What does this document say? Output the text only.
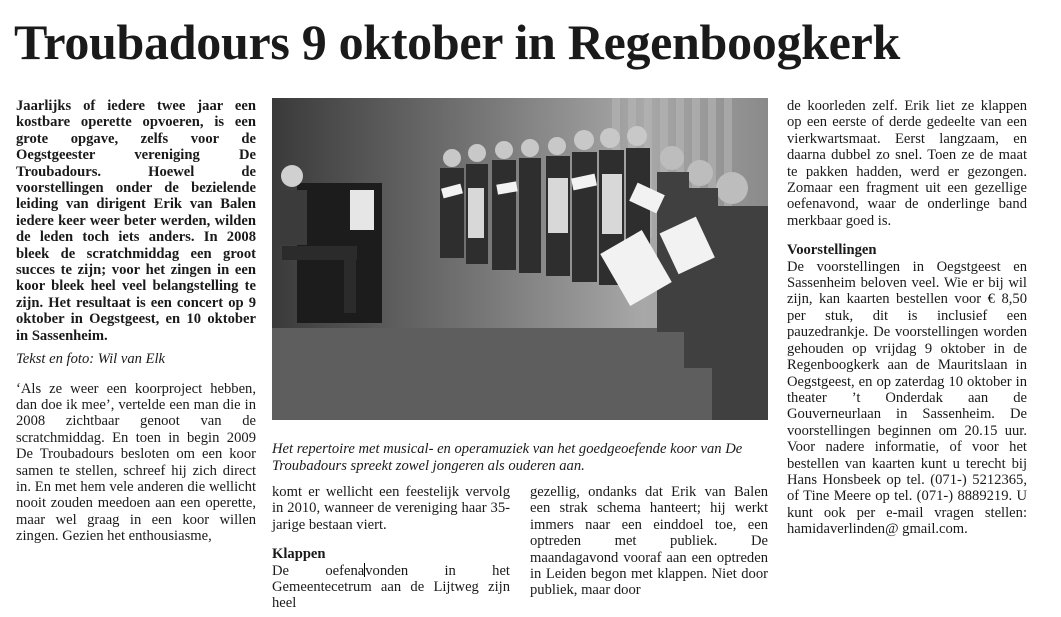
Troubadours 9 oktober in Regenboogkerk

Jaarlijks of iedere twee jaar een kostbare operette opvoeren, is een grote opgave, zelfs voor de Oegstgeester vereniging De Troubadours. Hoewel de voorstellingen onder de bezielende leiding van dirigent Erik van Balen iedere keer weer beter werden, wilden de leden toch iets anders. In 2008 bleek de scratchmiddag een groot succes te zijn; voor het zingen in een koor bleek heel veel belangstelling te zijn. Het resultaat is een concert op 9 oktober in Oegstgeest, en 10 oktober in Sassenheim.

Tekst en foto: Wil van Elk

‘Als ze weer een koorproject hebben, dan doe ik mee’, vertelde een man die in 2008 zichtbaar genoot van de scratchmiddag. En toen in begin 2009 De Troubadours besloten om een koor samen te stellen, schreef hij zich direct in. En met hem vele anderen die wellicht nooit zouden meedoen aan een operette, maar wel graag in een koor willen zingen. Gezien het enthousiasme,

Het repertoire met musical- en operamuziek van het goedgeoefende koor van De Troubadours spreekt zowel jongeren als ouderen aan.

komt er wellicht een feestelijk vervolg in 2010, wanneer de vereniging haar 35-jarige bestaan viert.

Klappen

De oefenavonden in het Gemeentecetrum aan de Lijtweg zijn heel

gezellig, ondanks dat Erik van Balen een strak schema hanteert; hij werkt immers naar een einddoel toe, een optreden met publiek. De maandagavond vooraf aan een optreden in Leiden begon met klappen. Niet door publiek, maar door

de koorleden zelf. Erik liet ze klappen op een eerste of derde gedeelte van een vierkwartsmaat. Eerst langzaam, en daarna dubbel zo snel. Toen ze de maat te pakken hadden, werd er gezongen. Zomaar een fragment uit een gezellige oefenavond, waar de onderlinge band merkbaar goed is.

Voorstellingen

De voorstellingen in Oegstgeest en Sassenheim beloven veel. Wie er bij wil zijn, kan kaarten bestellen voor € 8,50 per stuk, dit is inclusief een pauzedrankje. De voorstellingen worden gehouden op vrijdag 9 oktober in de Regenboogkerk aan de Mauritslaan in Oegstgeest, en op zaterdag 10 oktober in theater ’t Onderdak aan de Gouverneurlaan in Sassenheim. De voorstellingen beginnen om 20.15 uur. Voor nadere informatie, of voor het bestellen van kaarten kunt u terecht bij Hans Honsbeek op tel. (071-) 5212365, of Tine Meere op tel. (071-) 8889219. U kunt ook per e-mail vragen stellen: hamidaverlinden@ gmail.com.
